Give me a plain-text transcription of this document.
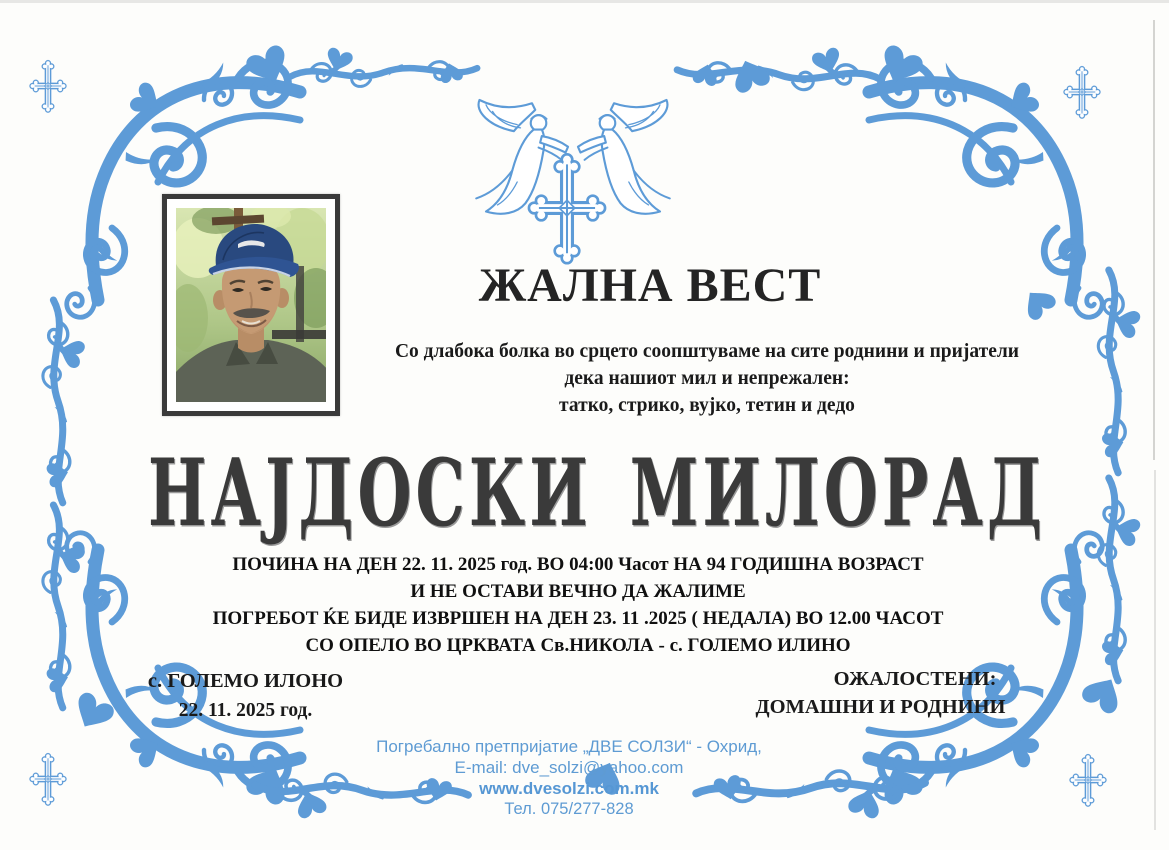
ЖАЛНА ВЕСТ
Со длабока болка во срцето соопштуваме на сите роднини и пријатели
дека нашиот мил и непрежален:
татко, стрико, вујко, тетин и дедо
НАЈДОСКИ МИЛОРАД
ПОЧИНА НА ДЕН 22. 11. 2025 год. ВО 04:00 Часот НА 94 ГОДИШНА ВОЗРАСТ
И НЕ ОСТАВИ ВЕЧНО ДА ЖАЛИМЕ
ПОГРЕБОТ ЌЕ БИДЕ ИЗВРШЕН НА ДЕН 23. 11 .2025 ( НЕДАЛА) ВО 12.00 ЧАСОТ
СО ОПЕЛО ВО ЦРКВАТА Св.НИКОЛА - с. ГОЛЕМО ИЛИНО
с. ГОЛЕМО ИЛОНО
22. 11. 2025 год.
ОЖАЛОСТЕНИ:
ДОМАШНИ И РОДНИНИ
Погребално претпријатие „ДВЕ СОЛЗИ“ - Охрид,
E-mail: dve_solzi@yahoo.com
www.dvesolzi.com.mk
Тел. 075/277-828
